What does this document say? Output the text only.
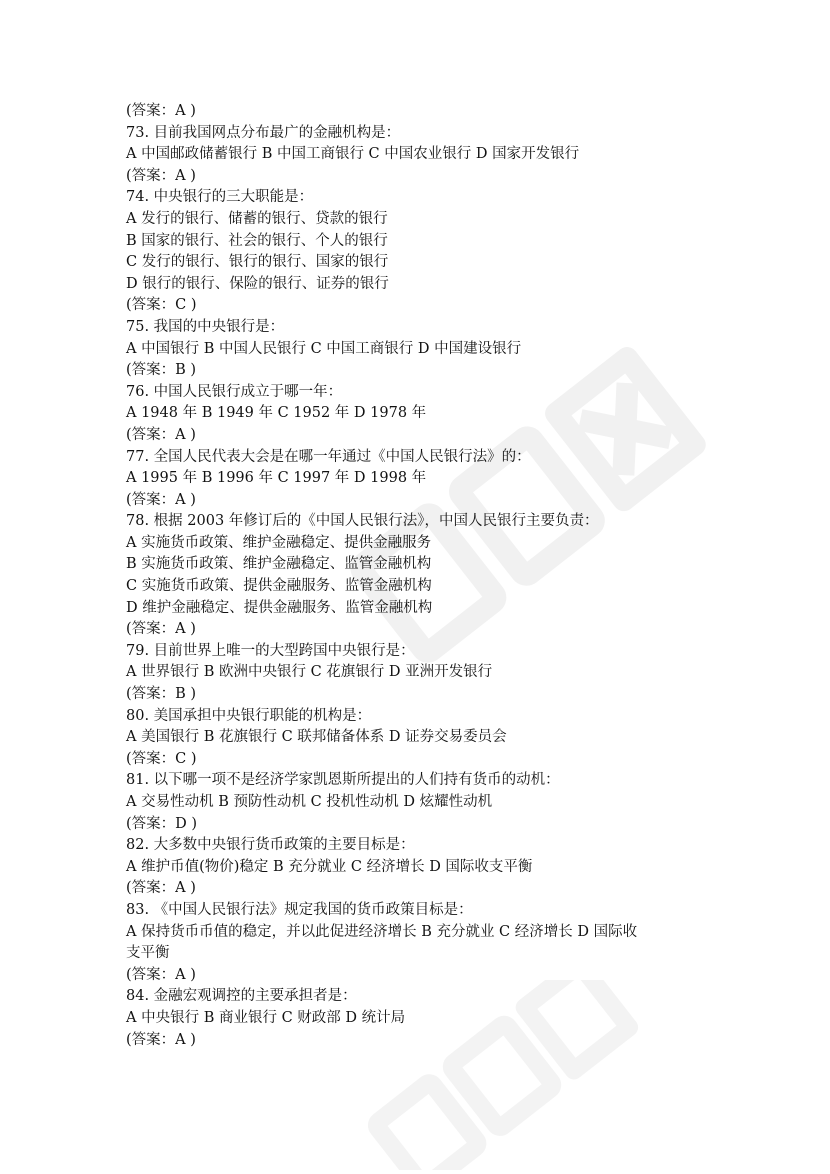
(答案：A )
73. 目前我国网点分布最广的金融机构是：
A 中国邮政储蓄银行 B 中国工商银行 C 中国农业银行 D 国家开发银行
(答案：A )
74. 中央银行的三大职能是：
A 发行的银行、储蓄的银行、贷款的银行
B 国家的银行、社会的银行、个人的银行
C 发行的银行、银行的银行、国家的银行
D 银行的银行、保险的银行、证券的银行
(答案：C )
75. 我国的中央银行是：
A 中国银行 B 中国人民银行 C 中国工商银行 D 中国建设银行
(答案：B )
76. 中国人民银行成立于哪一年：
A 1948 年 B 1949 年 C 1952 年 D 1978 年
(答案：A )
77. 全国人民代表大会是在哪一年通过《中国人民银行法》的：
A 1995 年 B 1996 年 C 1997 年 D 1998 年
(答案：A )
78. 根据 2003 年修订后的《中国人民银行法》，中国人民银行主要负责：
A 实施货币政策、维护金融稳定、提供金融服务
B 实施货币政策、维护金融稳定、监管金融机构
C 实施货币政策、提供金融服务、监管金融机构
D 维护金融稳定、提供金融服务、监管金融机构
(答案：A )
79. 目前世界上唯一的大型跨国中央银行是：
A 世界银行 B 欧洲中央银行 C 花旗银行 D 亚洲开发银行
(答案：B )
80. 美国承担中央银行职能的机构是：
A 美国银行 B 花旗银行 C 联邦储备体系 D 证券交易委员会
(答案：C )
81. 以下哪一项不是经济学家凯恩斯所提出的人们持有货币的动机：
A 交易性动机 B 预防性动机 C 投机性动机 D 炫耀性动机
(答案：D )
82. 大多数中央银行货币政策的主要目标是：
A 维护币值(物价)稳定 B 充分就业 C 经济增长 D 国际收支平衡
(答案：A )
83. 《中国人民银行法》规定我国的货币政策目标是：
A 保持货币币值的稳定，并以此促进经济增长 B 充分就业 C 经济增长 D 国际收
支平衡
(答案：A )
84. 金融宏观调控的主要承担者是：
A 中央银行 B 商业银行 C 财政部 D 统计局
(答案：A )
